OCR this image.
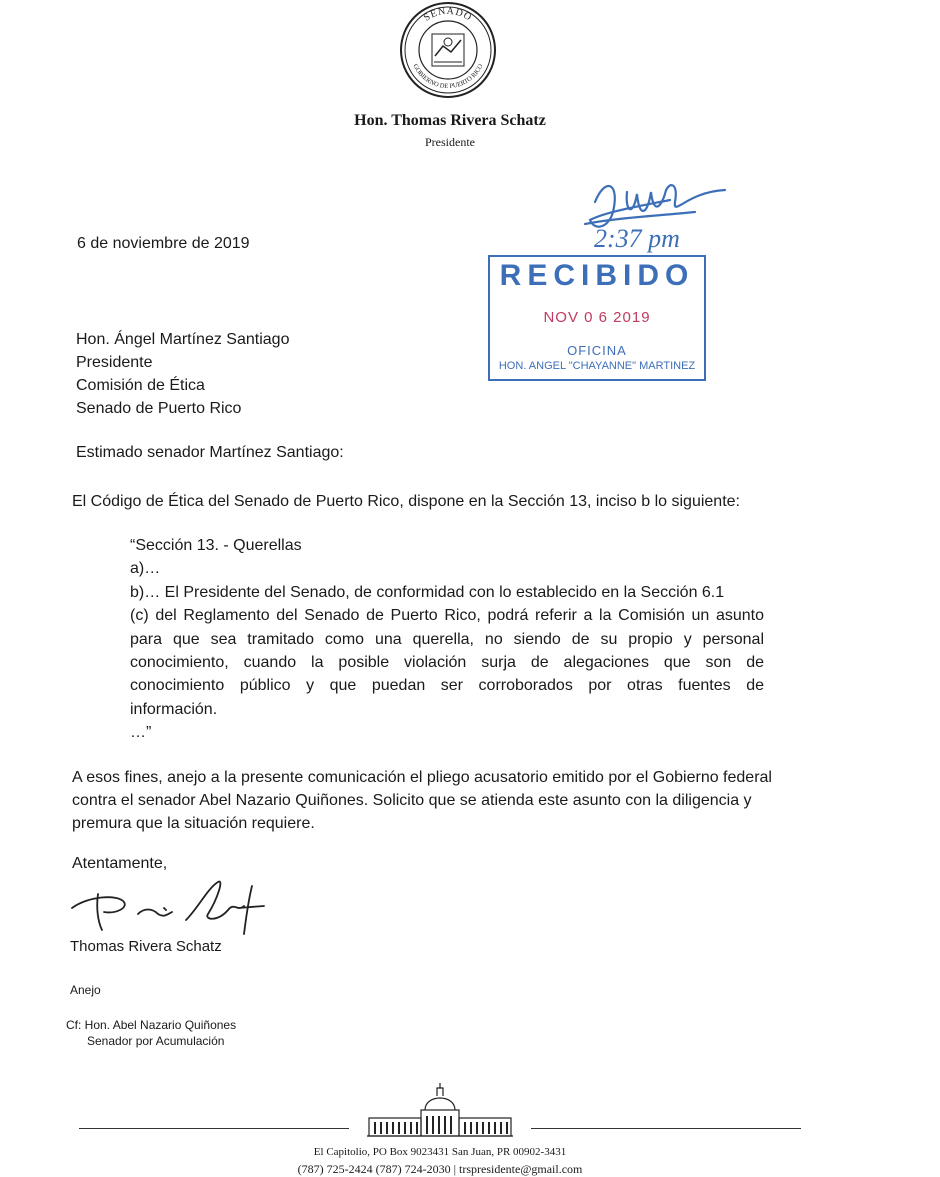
SENADO
GOBIERNO DE PUERTO RICO
Hon. Thomas Rivera Schatz
Presidente
2:37 pm
RECIBIDO
NOV 0 6 2019
OFICINA
HON. ANGEL "CHAYANNE" MARTINEZ
6 de noviembre de 2019
Hon. Ángel Martínez Santiago
Presidente
Comisión de Ética
Senado de Puerto Rico
Estimado senador Martínez Santiago:
El Código de Ética del Senado de Puerto Rico, dispone en la Sección 13, inciso b lo siguiente:
“Sección 13. - Querellas
a)…
b)… El Presidente del Senado, de conformidad con lo establecido en la Sección 6.1
(c) del Reglamento del Senado de Puerto Rico, podrá referir a la Comisión un asunto
para que sea tramitado como una querella, no siendo de su propio y personal
conocimiento, cuando la posible violación surja de alegaciones que son de
conocimiento público y que puedan ser corroborados por otras fuentes de
información.
…”
A esos fines, anejo a la presente comunicación el pliego acusatorio emitido por el Gobierno federal
contra el senador Abel Nazario Quiñones. Solicito que se atienda este asunto con la diligencia y
premura que la situación requiere.
Atentamente,
Thomas Rivera Schatz
Anejo
Cf: Hon. Abel Nazario Quiñones
Senador por Acumulación
El Capitolio, PO Box 9023431 San Juan, PR 00902-3431
(787) 725-2424 (787) 724-2030 | trspresidente@gmail.com
